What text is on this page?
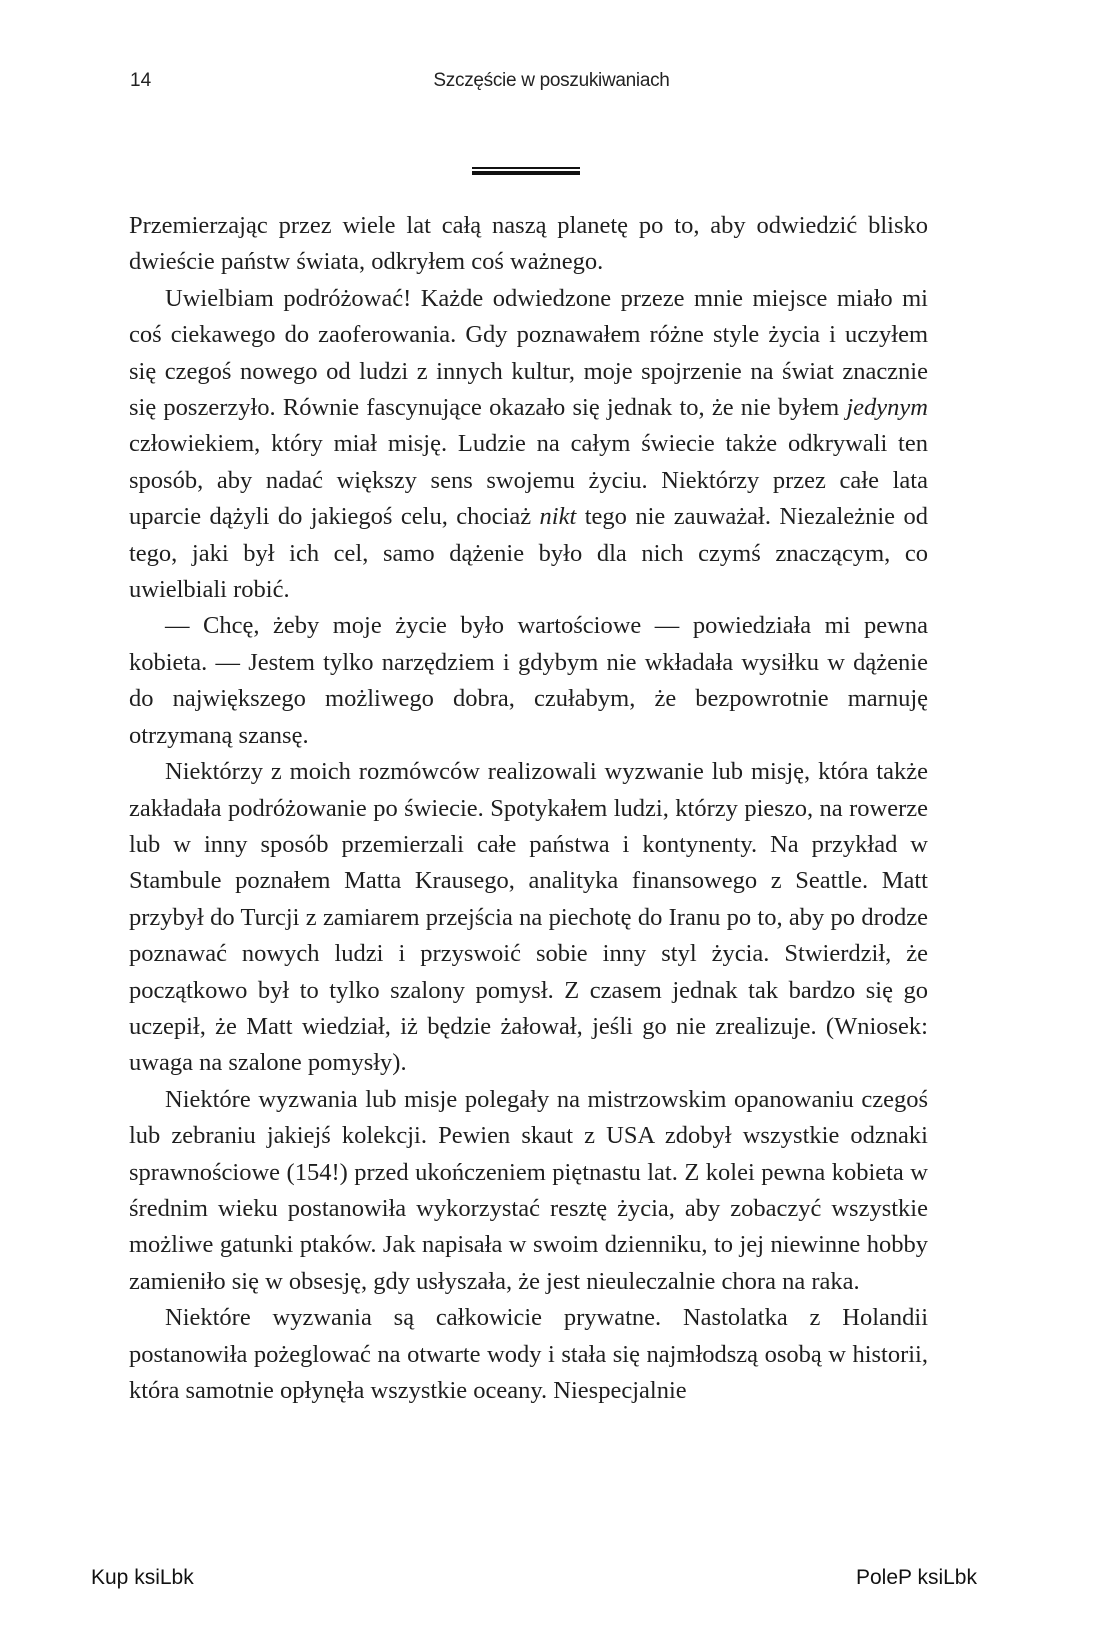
14	Szczęście w poszukiwaniach

Przemierzając przez wiele lat całą naszą planetę po to, aby odwiedzić blisko dwieście państw świata, odkryłem coś ważnego.

Uwielbiam podróżować! Każde odwiedzone przeze mnie miejsce miało mi coś ciekawego do zaoferowania. Gdy poznawałem różne style życia i uczyłem się czegoś nowego od ludzi z innych kultur, moje spojrzenie na świat znacznie się poszerzyło. Równie fascynujące okazało się jednak to, że nie byłem jedynym człowiekiem, który miał misję. Ludzie na całym świecie także odkrywali ten sposób, aby nadać większy sens swojemu życiu. Niektórzy przez całe lata uparcie dążyli do jakiegoś celu, chociaż nikt tego nie zauważał. Niezależnie od tego, jaki był ich cel, samo dążenie było dla nich czymś znaczącym, co uwielbiali robić.

— Chcę, żeby moje życie było wartościowe — powiedziała mi pewna kobieta. — Jestem tylko narzędziem i gdybym nie wkładała wysiłku w dążenie do największego możliwego dobra, czułabym, że bezpowrotnie marnuję otrzymaną szansę.

Niektórzy z moich rozmówców realizowali wyzwanie lub misję, która także zakładała podróżowanie po świecie. Spotykałem ludzi, którzy pieszo, na rowerze lub w inny sposób przemierzali całe państwa i kontynenty. Na przykład w Stambule poznałem Matta Krausego, analityka finansowego z Seattle. Matt przybył do Turcji z zamiarem przejścia na piechotę do Iranu po to, aby po drodze poznawać nowych ludzi i przyswoić sobie inny styl życia. Stwierdził, że początkowo był to tylko szalony pomysł. Z czasem jednak tak bardzo się go uczepił, że Matt wiedział, iż będzie żałował, jeśli go nie zrealizuje. (Wniosek: uwaga na szalone pomysły).

Niektóre wyzwania lub misje polegały na mistrzowskim opanowaniu czegoś lub zebraniu jakiejś kolekcji. Pewien skaut z USA zdobył wszystkie odznaki sprawnościowe (154!) przed ukończeniem piętnastu lat. Z kolei pewna kobieta w średnim wieku postanowiła wykorzystać resztę życia, aby zobaczyć wszystkie możliwe gatunki ptaków. Jak napisała w swoim dzienniku, to jej niewinne hobby zamieniło się w obsesję, gdy usłyszała, że jest nieuleczalnie chora na raka.

Niektóre wyzwania są całkowicie prywatne. Nastolatka z Holandii postanowiła pożeglować na otwarte wody i stała się najmłodszą osobą w historii, która samotnie opłynęła wszystkie oceany. Niespecjalnie

Kup ksiLbk	PoleP ksiLbk
